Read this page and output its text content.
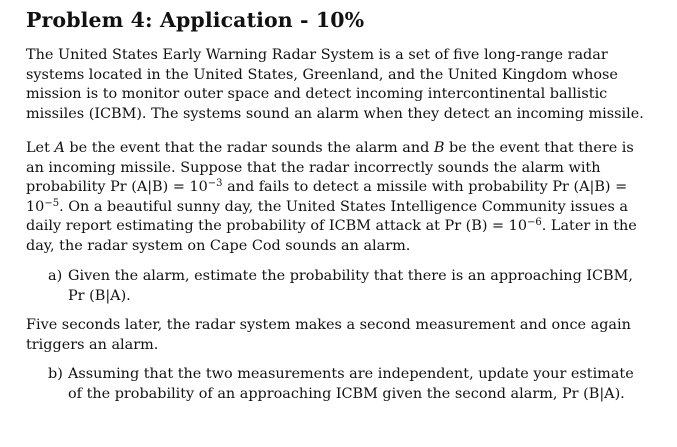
Problem 4: Application - 10%

The United States Early Warning Radar System is a set of five long-range radar systems located in the United States, Greenland, and the United Kingdom whose mission is to monitor outer space and detect incoming intercontinental ballistic missiles (ICBM). The systems sound an alarm when they detect an incoming missile.

Let A be the event that the radar sounds the alarm and B be the event that there is an incoming missile. Suppose that the radar incorrectly sounds the alarm with probability Pr $(A|B) = 10^{-3}$ and fails to detect a missile with probability Pr $(A|B) = 10^{-5}$. On a beautiful sunny day, the United States Intelligence Community issues a daily report estimating the probability of ICBM attack at Pr $(B) = 10^{-6}$. Later in the day, the radar system on Cape Cod sounds an alarm.

a) Given the alarm, estimate the probability that there is an approaching ICBM, Pr (B|A).

Five seconds later, the radar system makes a second measurement and once again triggers an alarm.

b) Assuming that the two measurements are independent, update your estimate of the probability of an approaching ICBM given the second alarm, Pr (B|A).
